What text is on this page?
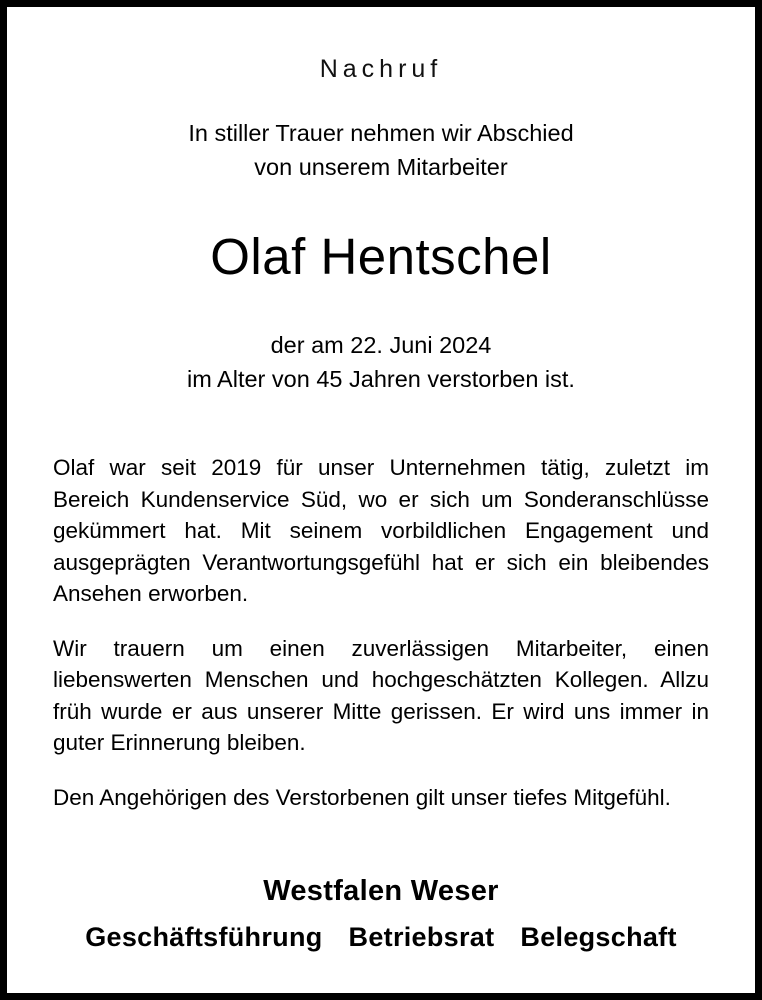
Nachruf
In stiller Trauer nehmen wir Abschied
von unserem Mitarbeiter
Olaf Hentschel
der am 22. Juni 2024
im Alter von 45 Jahren verstorben ist.

Olaf war seit 2019 für unser Unternehmen tätig, zuletzt im Bereich Kundenservice Süd, wo er sich um Sonderanschlüsse gekümmert hat. Mit seinem vorbildlichen Engagement und ausgeprägten Verantwortungsgefühl hat er sich ein bleibendes Ansehen erworben.

Wir trauern um einen zuverlässigen Mitarbeiter, einen liebenswerten Menschen und hochgeschätzten Kollegen. Allzu früh wurde er aus unserer Mitte gerissen. Er wird uns immer in guter Erinnerung bleiben.

Den Angehörigen des Verstorbenen gilt unser tiefes Mitgefühl.

Westfalen Weser
Geschäftsführung Betriebsrat Belegschaft
